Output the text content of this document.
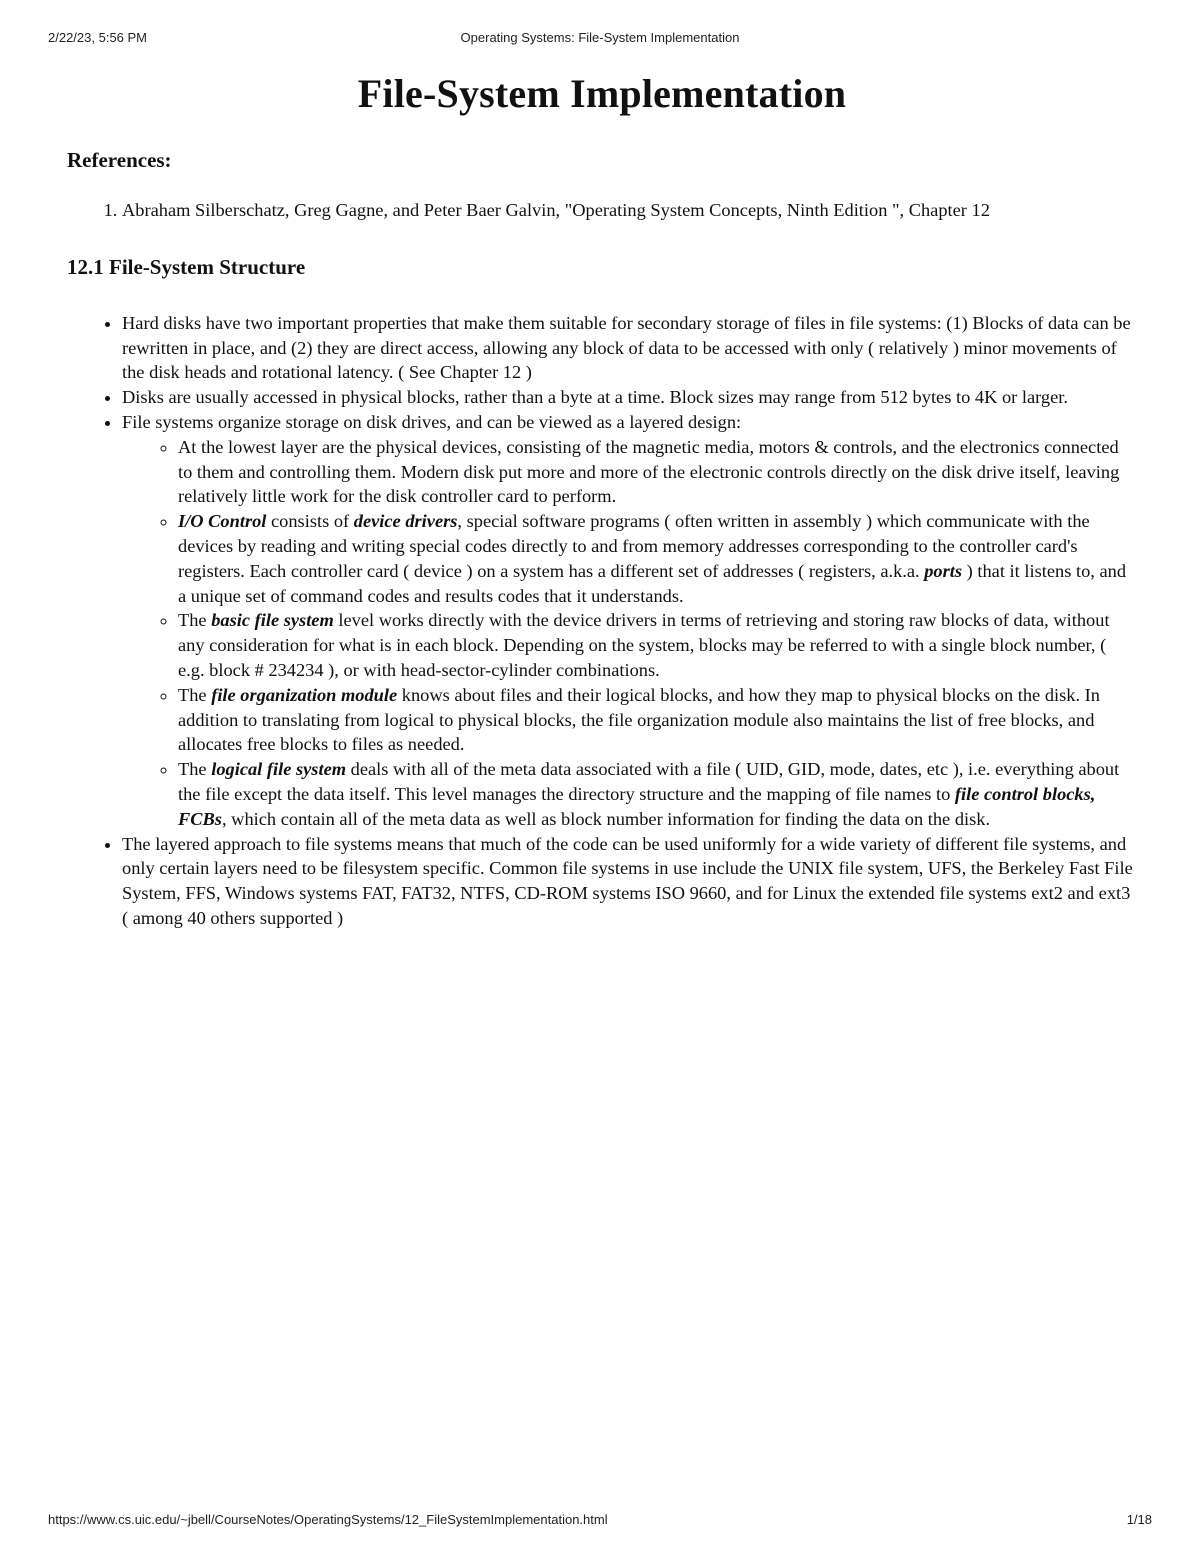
2/22/23, 5:56 PM	Operating Systems: File-System Implementation
File-System Implementation
References:
1. Abraham Silberschatz, Greg Gagne, and Peter Baer Galvin, "Operating System Concepts, Ninth Edition ", Chapter 12
12.1 File-System Structure
• Hard disks have two important properties that make them suitable for secondary storage of files in file systems: (1) Blocks of data can be rewritten in place, and (2) they are direct access, allowing any block of data to be accessed with only ( relatively ) minor movements of the disk heads and rotational latency. ( See Chapter 12 )
• Disks are usually accessed in physical blocks, rather than a byte at a time. Block sizes may range from 512 bytes to 4K or larger.
• File systems organize storage on disk drives, and can be viewed as a layered design:
◦ At the lowest layer are the physical devices, consisting of the magnetic media, motors & controls, and the electronics connected to them and controlling them. Modern disk put more and more of the electronic controls directly on the disk drive itself, leaving relatively little work for the disk controller card to perform.
◦ I/O Control consists of device drivers, special software programs ( often written in assembly ) which communicate with the devices by reading and writing special codes directly to and from memory addresses corresponding to the controller card's registers. Each controller card ( device ) on a system has a different set of addresses ( registers, a.k.a. ports ) that it listens to, and a unique set of command codes and results codes that it understands.
◦ The basic file system level works directly with the device drivers in terms of retrieving and storing raw blocks of data, without any consideration for what is in each block. Depending on the system, blocks may be referred to with a single block number, ( e.g. block # 234234 ), or with head-sector-cylinder combinations.
◦ The file organization module knows about files and their logical blocks, and how they map to physical blocks on the disk. In addition to translating from logical to physical blocks, the file organization module also maintains the list of free blocks, and allocates free blocks to files as needed.
◦ The logical file system deals with all of the meta data associated with a file ( UID, GID, mode, dates, etc ), i.e. everything about the file except the data itself. This level manages the directory structure and the mapping of file names to file control blocks, FCBs, which contain all of the meta data as well as block number information for finding the data on the disk.
• The layered approach to file systems means that much of the code can be used uniformly for a wide variety of different file systems, and only certain layers need to be filesystem specific. Common file systems in use include the UNIX file system, UFS, the Berkeley Fast File System, FFS, Windows systems FAT, FAT32, NTFS, CD-ROM systems ISO 9660, and for Linux the extended file systems ext2 and ext3 ( among 40 others supported )
https://www.cs.uic.edu/~jbell/CourseNotes/OperatingSystems/12_FileSystemImplementation.html	1/18
